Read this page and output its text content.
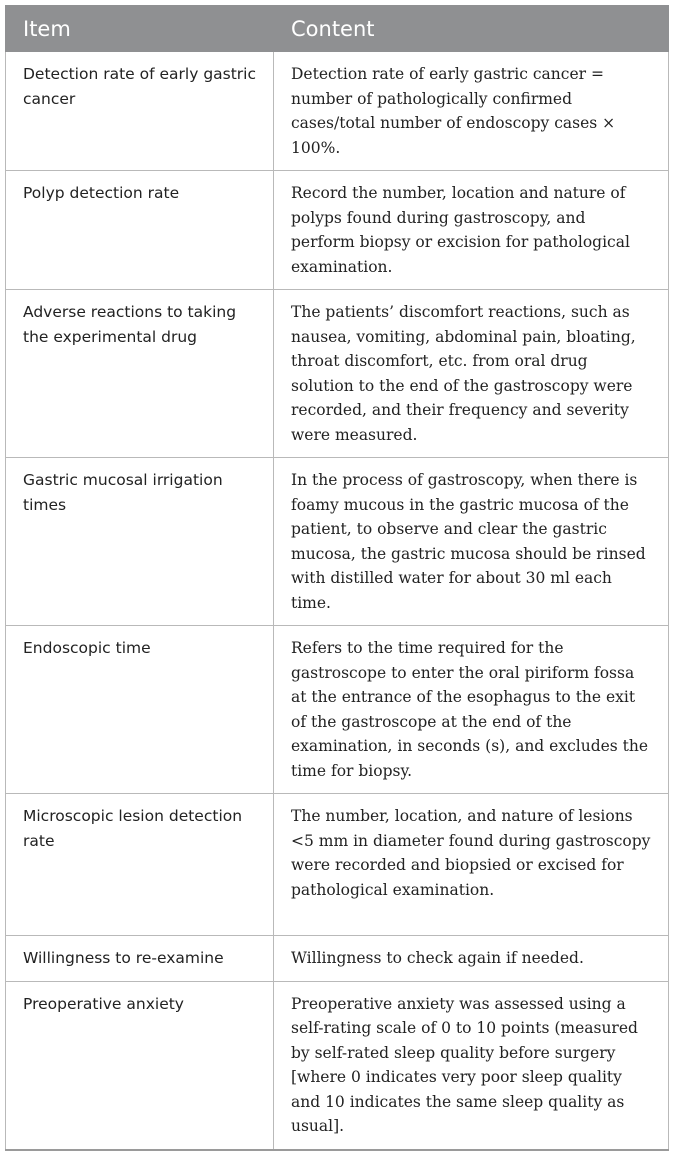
Item	Content
Detection rate of early gastric cancer	Detection rate of early gastric cancer = number of pathologically confirmed cases/total number of endoscopy cases × 100%.
Polyp detection rate	Record the number, location and nature of polyps found during gastroscopy, and perform biopsy or excision for pathological examination.
Adverse reactions to taking the experimental drug	The patients’ discomfort reactions, such as nausea, vomiting, abdominal pain, bloating, throat discomfort, etc. from oral drug solution to the end of the gastroscopy were recorded, and their frequency and severity were measured.
Gastric mucosal irrigation times	In the process of gastroscopy, when there is foamy mucous in the gastric mucosa of the patient, to observe and clear the gastric mucosa, the gastric mucosa should be rinsed with distilled water for about 30 ml each time.
Endoscopic time	Refers to the time required for the gastroscope to enter the oral piriform fossa at the entrance of the esophagus to the exit of the gastroscope at the end of the examination, in seconds (s), and excludes the time for biopsy.
Microscopic lesion detection rate	The number, location, and nature of lesions <5 mm in diameter found during gastroscopy were recorded and biopsied or excised for pathological examination.
Willingness to re-examine	Willingness to check again if needed.
Preoperative anxiety	Preoperative anxiety was assessed using a self-rating scale of 0 to 10 points (measured by self-rated sleep quality before surgery [where 0 indicates very poor sleep quality and 10 indicates the same sleep quality as usual].
